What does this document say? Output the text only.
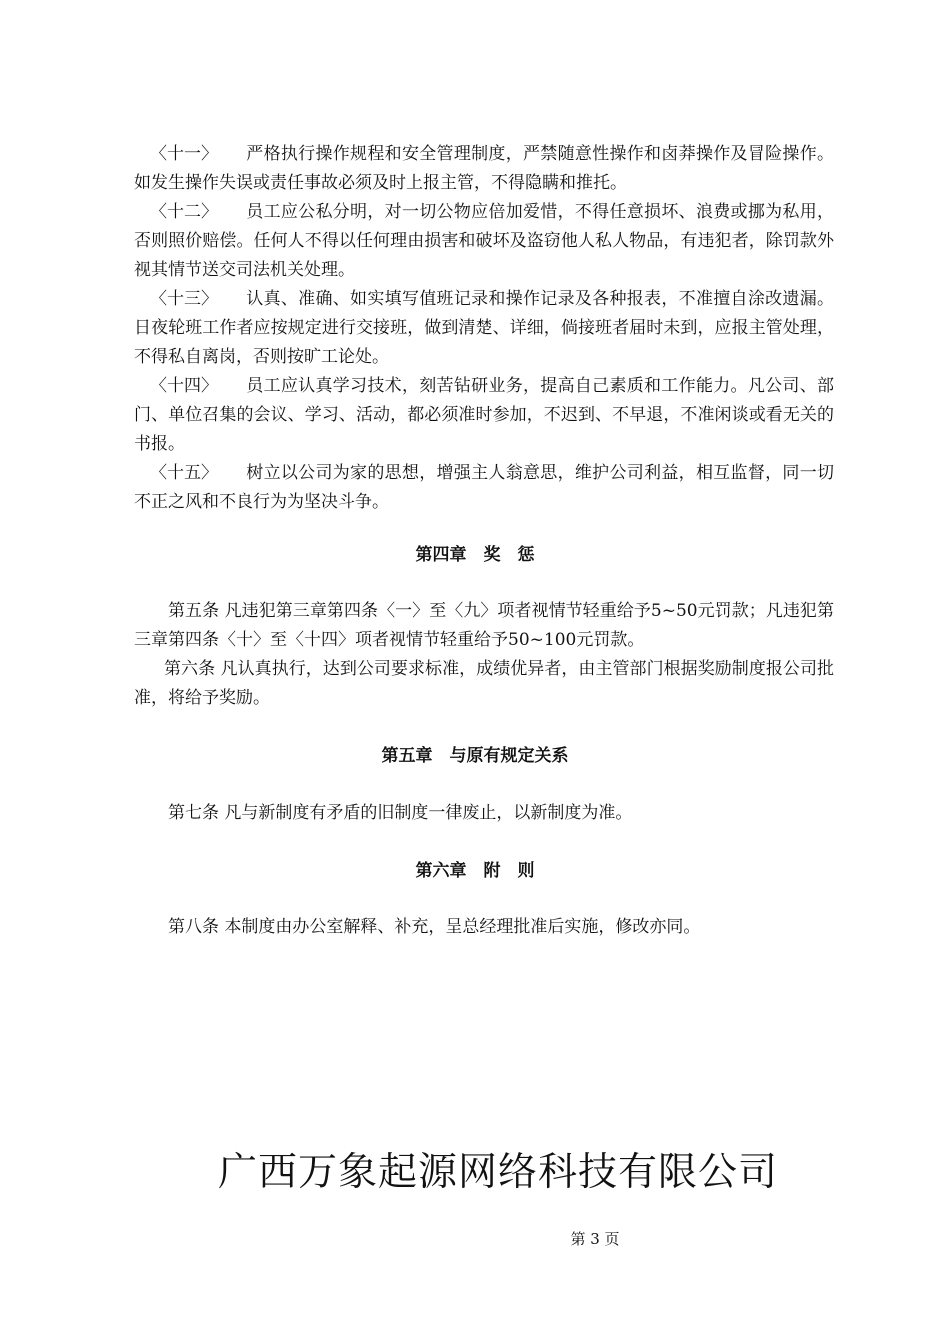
〈十一〉 严格执行操作规程和安全管理制度，严禁随意性操作和卤莽操作及冒险操作。如发生操作失误或责任事故必须及时上报主管，不得隐瞒和推托。

〈十二〉 员工应公私分明，对一切公物应倍加爱惜，不得任意损坏、浪费或挪为私用，否则照价赔偿。任何人不得以任何理由损害和破坏及盗窃他人私人物品，有违犯者，除罚款外视其情节送交司法机关处理。

〈十三〉 认真、准确、如实填写值班记录和操作记录及各种报表，不准擅自涂改遗漏。日夜轮班工作者应按规定进行交接班，做到清楚、详细，倘接班者届时未到，应报主管处理，不得私自离岗，否则按旷工论处。

〈十四〉 员工应认真学习技术，刻苦钻研业务，提高自己素质和工作能力。凡公司、部门、单位召集的会议、学习、活动，都必须准时参加，不迟到、不早退，不准闲谈或看无关的书报。

〈十五〉 树立以公司为家的思想，增强主人翁意思，维护公司利益，相互监督，同一切不正之风和不良行为为坚决斗争。

第四章　奖　惩

第五条 凡违犯第三章第四条〈一〉至〈九〉项者视情节轻重给予5~50元罚款；凡违犯第三章第四条〈十〉至〈十四〉项者视情节轻重给予50~100元罚款。

第六条 凡认真执行，达到公司要求标准，成绩优异者，由主管部门根据奖励制度报公司批准，将给予奖励。

第五章　与原有规定关系

第七条 凡与新制度有矛盾的旧制度一律废止，以新制度为准。

第六章　附　则

第八条 本制度由办公室解释、补充，呈总经理批准后实施，修改亦同。

广西万象起源网络科技有限公司
第 3 页
